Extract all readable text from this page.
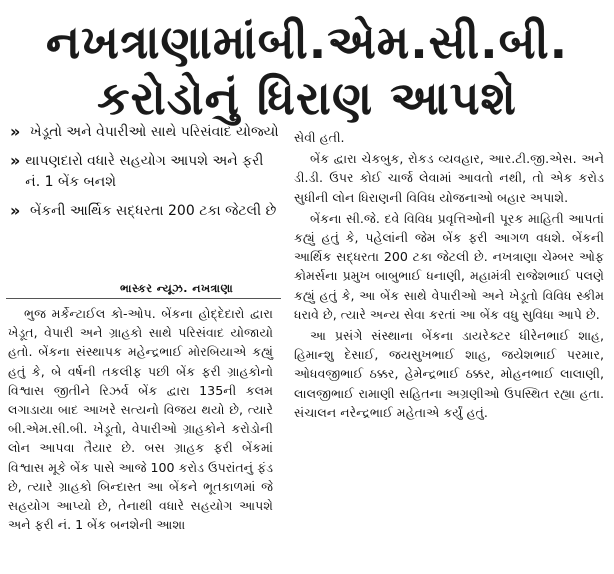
નખત્રાણામાંબી.એમ.સી.બી.
કરોડોનું ધિરાણ આપશે
» ખેડૂતો અને વેપારીઓ સાથે પરિસંવાદ યોજ્યો
» થાપણદારો વધારે સહયોગ આપશે અને ફરી નં. 1 બેંક બનશે
» બેંકની આર્થિક સદ્ધરતા 200 ટકા જેટલી છે
ભાસ્કર ન્યૂઝ. નખત્રાણા

ભુજ મર્કેન્ટાઈલ કો-ઓપ. બેંકના હોદ્દેદારો દ્વારા ખેડૂત, વેપારી અને ગ્રાહકો સાથે પરિસંવાદ યોજાયો હતો. બેંકના સંસ્થાપક મહેન્દ્રભાઈ મોરબિયાએ કહ્યું હતું કે, બે વર્ષની તકલીફ પછી બેંક ફરી ગ્રાહકોનો વિશ્વાસ જીતીને રિઝર્વ બેંક દ્વારા 135ની કલમ લગાડાયા બાદ આખરે સત્યનો વિજય થયો છે, ત્યારે બી.એમ.સી.બી. ખેડૂતો, વેપારીઓ ગ્રાહકોને કરોડોની લોન આપવા તૈયાર છે. બસ ગ્રાહક ફરી બેંકમાં વિશ્વાસ મૂકે બેંક પાસે આજે 100 કરોડ ઉપરાંતનું ફંડ છે, ત્યારે ગ્રાહકો બિન્દાસ્ત આ બેંકને ભૂતકાળમાં જે સહયોગ આપ્યો છે, તેનાથી વધારે સહયોગ આપશે અને ફરી નં. 1 બેંક બનશેની આશા

સેવી હતી.

બેંક દ્વારા ચેકબુક, રોકડ વ્યવહાર, આર.ટી.જી.એસ. અને ડી.ડી. ઉપર કોઈ ચાર્જ લેવામાં આવતો નથી, તો એક કરોડ સુધીની લોન ધિરાણની વિવિધ યોજનાઓ બહાર અપાશે.

બેંકના સી.જે. દવે વિવિધ પ્રવૃત્તિઓની પૂરક માહિતી આપતાં કહ્યું હતું કે, પહેલાંની જેમ બેંક ફરી આગળ વધશે. બેંકની આર્થિક સદ્ધરતા 200 ટકા જેટલી છે. નખત્રાણા ચેમ્બર ઓફ કોમર્સના પ્રમુખ બાબુભાઈ ધનાણી, મહામંત્રી રાજેશભાઈ પલણે કહ્યું હતું કે, આ બેંક સાથે વેપારીઓ અને ખેડૂતો વિવિધ સ્કીમ ધરાવે છે, ત્યારે અન્ય સેવા કરતાં આ બેંક વધુ સુવિધા આપે છે.

આ પ્રસંગે સંસ્થાના બેંકના ડાયરેક્ટર ધીરેનભાઈ શાહ, હિમાન્શુ દેસાઈ, જયસુખભાઈ શાહ, જયેશભાઈ પરમાર, ઓધવજીભાઈ ઠક્કર, હેમેન્દ્રભાઈ ઠક્કર, મોહનભાઈ લાલાણી, લાલજીભાઈ રામાણી સહિતના અગ્રણીઓ ઉપસ્થિત રહ્યા હતા. સંચાલન નરેન્દ્રભાઈ મહેતાએ કર્યું હતું.
